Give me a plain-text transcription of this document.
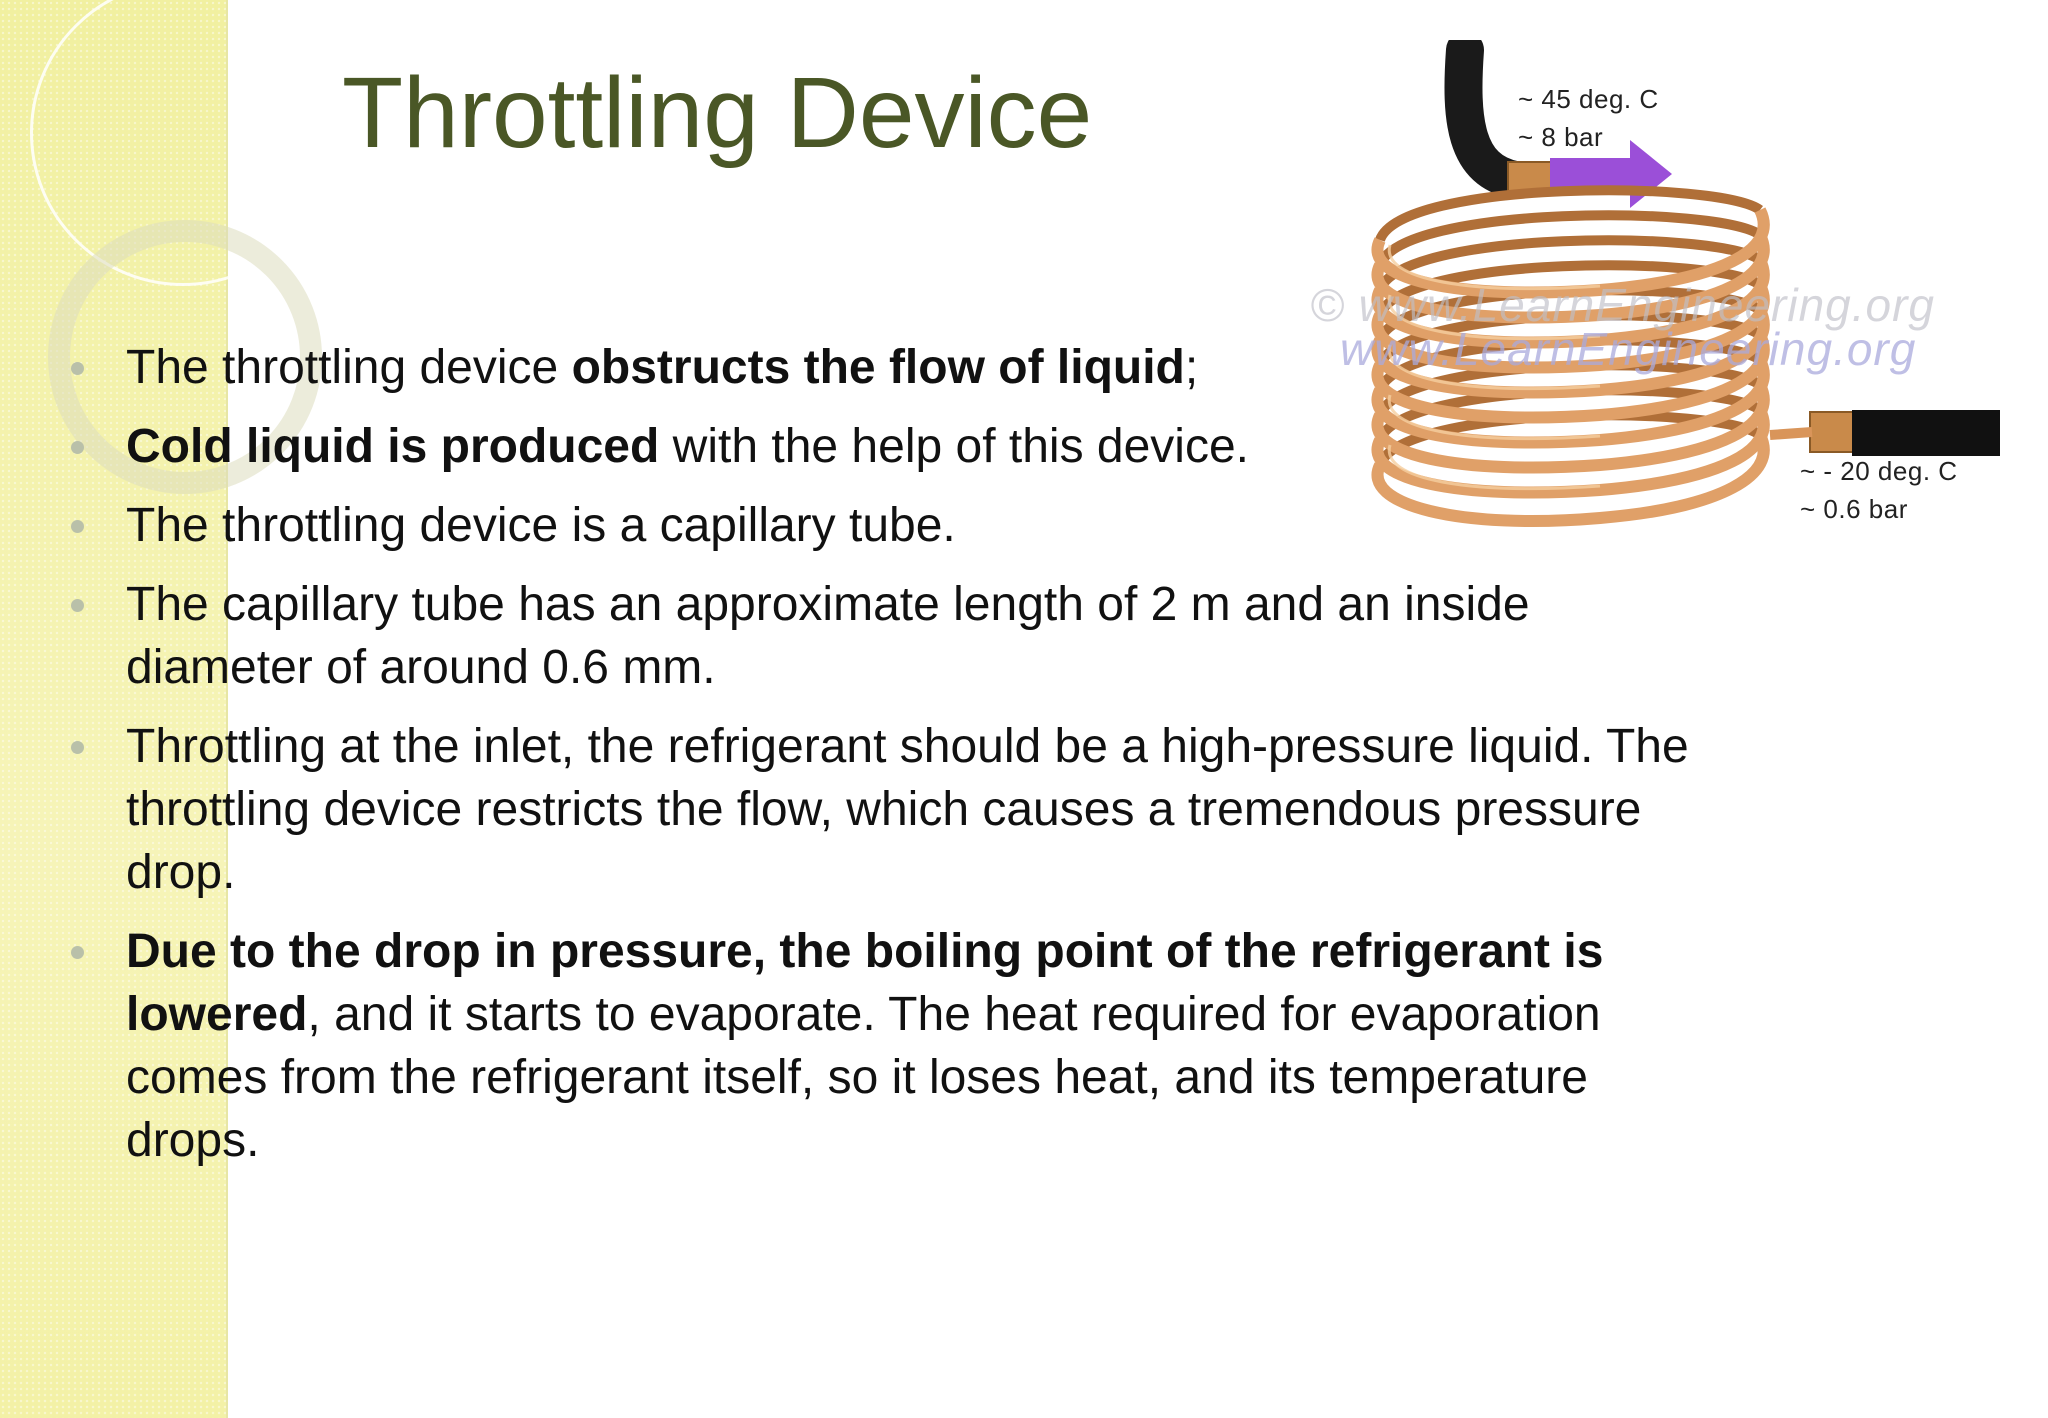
Throttling Device	~ 45 deg. C
~ 8 bar
~ - 20 deg. C
~ 0.6 bar
© www.LearnEngineering.org
www.LearnEngineering.org
The throttling device obstructs the flow of liquid;
Cold liquid is produced with the help of this device.
The throttling device is a capillary tube.
The capillary tube has an approximate length of 2 m and an inside diameter of around 0.6 mm.
Throttling at the inlet, the refrigerant should be a high-pressure liquid. The throttling device restricts the flow, which causes a tremendous pressure drop.
Due to the drop in pressure, the boiling point of the refrigerant is lowered, and it starts to evaporate. The heat required for evaporation comes from the refrigerant itself, so it loses heat, and its temperature drops.
